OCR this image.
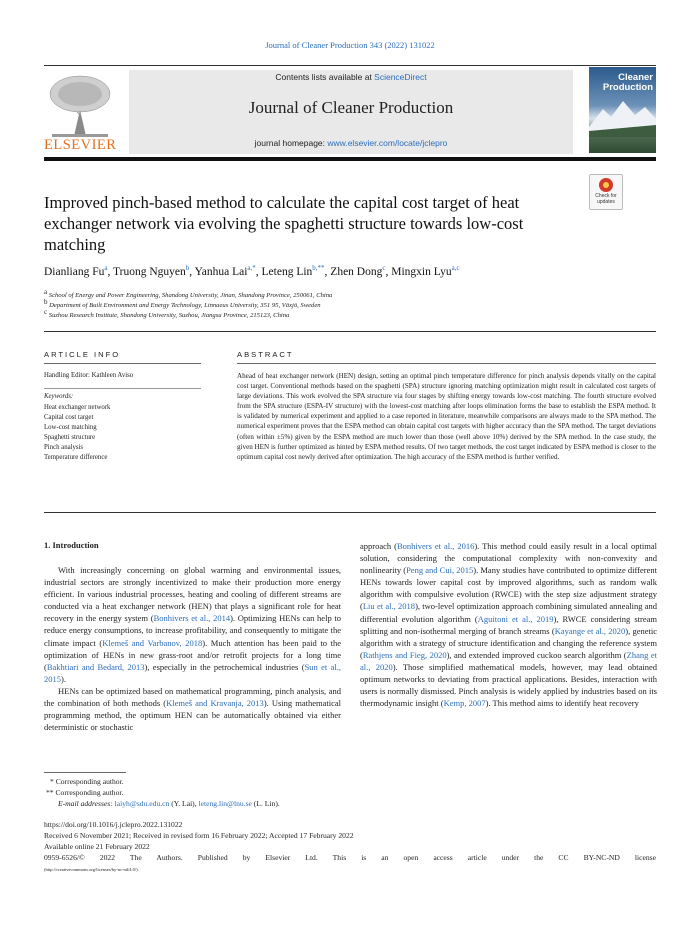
Journal of Cleaner Production 343 (2022) 131022
ELSEVIER
Contents lists available at ScienceDirect
Journal of Cleaner Production
journal homepage: www.elsevier.com/locate/jclepro
Cleaner Production
Check for updates
Improved pinch-based method to calculate the capital cost target of heat exchanger network via evolving the spaghetti structure towards low-cost matching
Dianliang Fu$^a$, Truong Nguyen$^b$, Yanhua Lai$^{a,*}$, Leteng Lin$^{b,**}$, Zhen Dong$^c$, Mingxin Lyu$^{a,c}$
$^a$ School of Energy and Power Engineering, Shandong University, Jinan, Shandong Province, 250061, China
$^b$ Department of Built Environment and Energy Technology, Linnaeus University, 351 95, Växjö, Sweden
$^c$ Suzhou Research Institute, Shandong University, Suzhou, Jiangsu Province, 215123, China
ARTICLE INFO
Handling Editor: Kathleen Aviso
Keywords:
Heat exchanger network
Capital cost target
Low-cost matching
Spaghetti structure
Pinch analysis
Temperature difference
ABSTRACT
Ahead of heat exchanger network (HEN) design, setting an optimal pinch temperature difference for pinch analysis depends vitally on the capital cost target. Conventional methods based on the spaghetti (SPA) structure ignoring matching optimization might result in calculated cost targets of large deviations. This work evolved the SPA structure via four stages by shifting energy towards low-cost matching. The fourth structure evolved from the SPA structure (ESPA-IV structure) with the lowest-cost matching after loops elimination forms the base to establish the ESPA method. It is validated by numerical experiment and applied to a case reported in literature, meanwhile comparisons are always made to the SPA method. The numerical experiment proves that the ESPA method can obtain capital cost targets with higher accuracy than the SPA method. The target deviations (often within ±5%) given by the ESPA method are much lower than those (well above 10%) derived by the SPA method. In the case study, the given HEN is further optimized as hinted by ESPA method results. Of two target methods, the cost target indicated by ESPA method is closer to the optimum capital cost newly derived after optimization. The high accuracy of the ESPA method is further verified.
1. Introduction

With increasingly concerning on global warming and environmental issues, industrial sectors are strongly incentivized to make their production more energy efficient. In various industrial processes, heating and cooling of different streams are conducted via a heat exchanger network (HEN) that plays a significant role for heat recovery in the energy system (Bonhivers et al., 2014). Optimizing HENs can help to reduce energy consumptions, to increase profitability, and consequently to mitigate the climate impact (Klemeš and Varbanov, 2018). Much attention has been paid to the optimization of HENs in new grass-root and/or retrofit projects for a long time (Bakhtiari and Bedard, 2013), especially in the petrochemical industries (Sun et al., 2015).

HENs can be optimized based on mathematical programming, pinch analysis, and the combination of both methods (Klemeš and Kravanja, 2013). Using mathematical programming method, the optimum HEN can be automatically obtained via either deterministic or stochastic

approach (Bonhivers et al., 2016). This method could easily result in a local optimal solution, considering the computational complexity with non-convexity and nonlinearity (Peng and Cui, 2015). Many studies have contributed to optimize different HENs towards lower capital cost by improved algorithms, such as random walk algorithm with compulsive evolution (RWCE) with the step size adjustment strategy (Liu et al., 2018), two-level optimization approach combining simulated annealing and differential evolution algorithm (Aguitoni et al., 2019), RWCE considering stream splitting and non-isothermal merging of branch streams (Kayange et al., 2020), genetic algorithm with a strategy of structure identification and changing the reference system (Rathjens and Fieg, 2020), and extended improved cuckoo search algorithm (Zhang et al., 2020). Those simplified mathematical models, however, may lead obtained optimum networks to deviating from practical applications. Besides, interaction with users is normally dismissed. Pinch analysis is widely applied by industries based on its thermodynamic insight (Kemp, 2007). This method aims to identify heat recovery

* Corresponding author.
** Corresponding author.
E-mail addresses: laiyh@sdu.edu.cn (Y. Lai), leteng.lin@lnu.se (L. Lin).
https://doi.org/10.1016/j.jclepro.2022.131022
Received 6 November 2021; Received in revised form 16 February 2022; Accepted 17 February 2022
Available online 21 February 2022
0959-6526/© 2022 The Authors. Published by Elsevier Ltd. This is an open access article under the CC BY-NC-ND license
(http://creativecommons.org/licenses/by-nc-nd/4.0/).
